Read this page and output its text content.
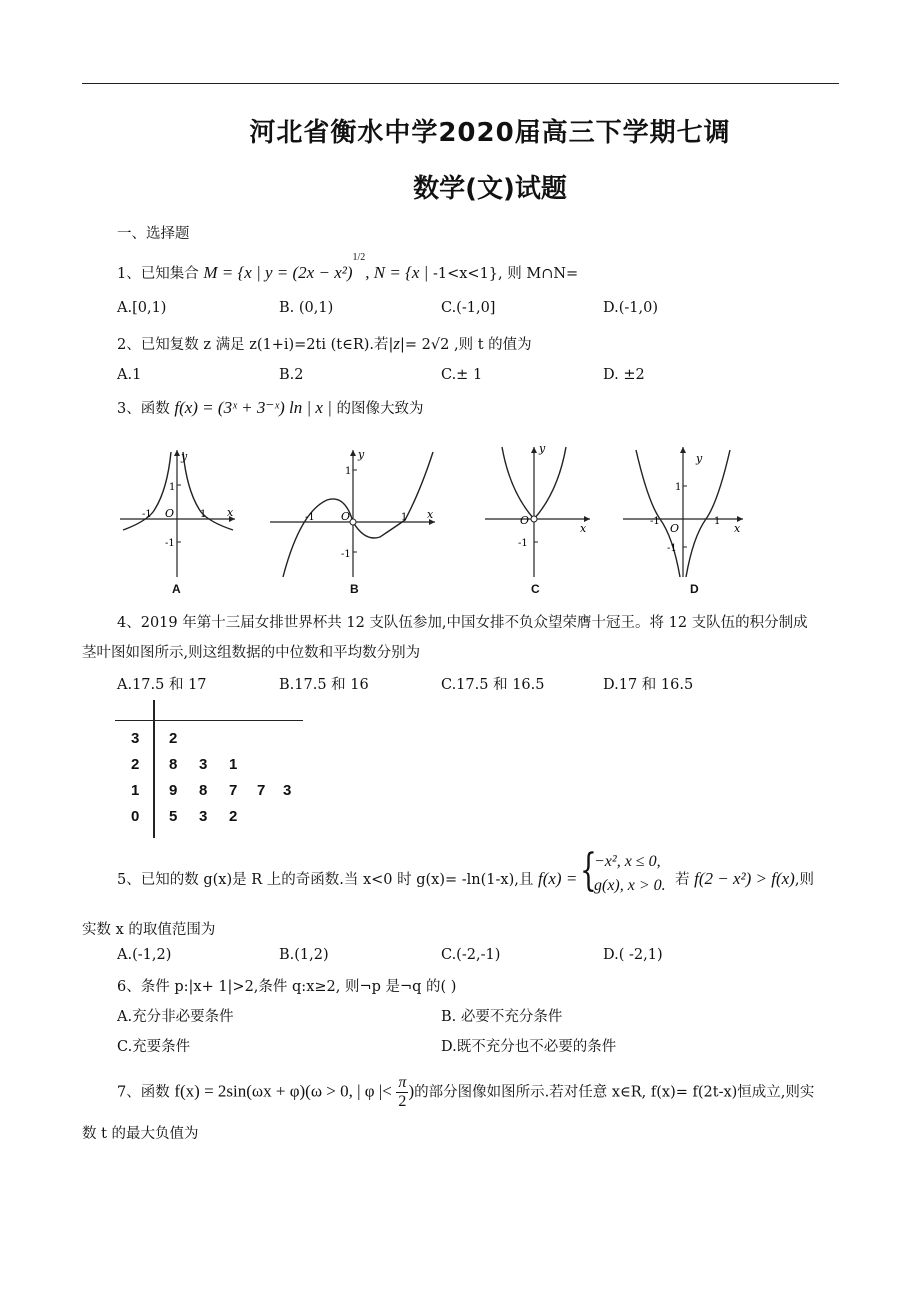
河北省衡水中学2020届高三下学期七调
数学(文)试题
一、选择题
1、已知集合 M = {x | $y = (2x - x^2)^{1/2}$, N = {x | -1<x<1}, 则 M∩N=
A.[0,1)	B. (0,1)	C.(-1,0]	D.(-1,0)
2、已知复数 z 满足 z(1+i)=2ti (t∈R).若|z|= 2√2 ,则 t 的值为
A.1	B.2	C.± 1	D. ±2
3、函数 f(x) = (3ˣ + 3⁻ˣ) ln | x | 的图像大致为
y
x
O
1
-1
-1	1
y
x
O
1
-1
-1	1
y
x
O
-1
y
x
O
1
-1
-1	1
A	B	C	D
4、2019 年第十三届女排世界杯共 12 支队伍参加,中国女排不负众望荣膺十冠王。将 12 支队伍的积分制成
茎叶图如图所示,则这组数据的中位数和平均数分别为
A.17.5 和 17	B.17.5 和 16	C.17.5 和 16.5	D.17 和 16.5
3 2
2 8 3 1
1 9 8 7 7 3
0 5 3 2
5、已知的数 g(x)是 R 上的奇函数.当 x<0 时 g(x)= -ln(1-x),且 f(x) = {
−x², x ≤ 0,
g(x), x > 0. 若 f(2 − x²) > f(x),则
实数 x 的取值范围为
A.(-1,2)	B.(1,2)	C.(-2,-1)	D.( -2,1)
6、条件 p:|x+ 1|>2,条件 q:x≥2, 则¬p 是¬q 的( )
A.充分非必要条件	B. 必要不充分条件
C.充要条件	D.既不充分也不必要的条件
7、函数 f(x) = 2sin(ωx + φ)(ω > 0, | φ |< $\frac{\pi}{2}$ )的部分图像如图所示.若对任意 x∈R, f(x)= f(2t-x)恒成立,则实
数 t 的最大负值为
